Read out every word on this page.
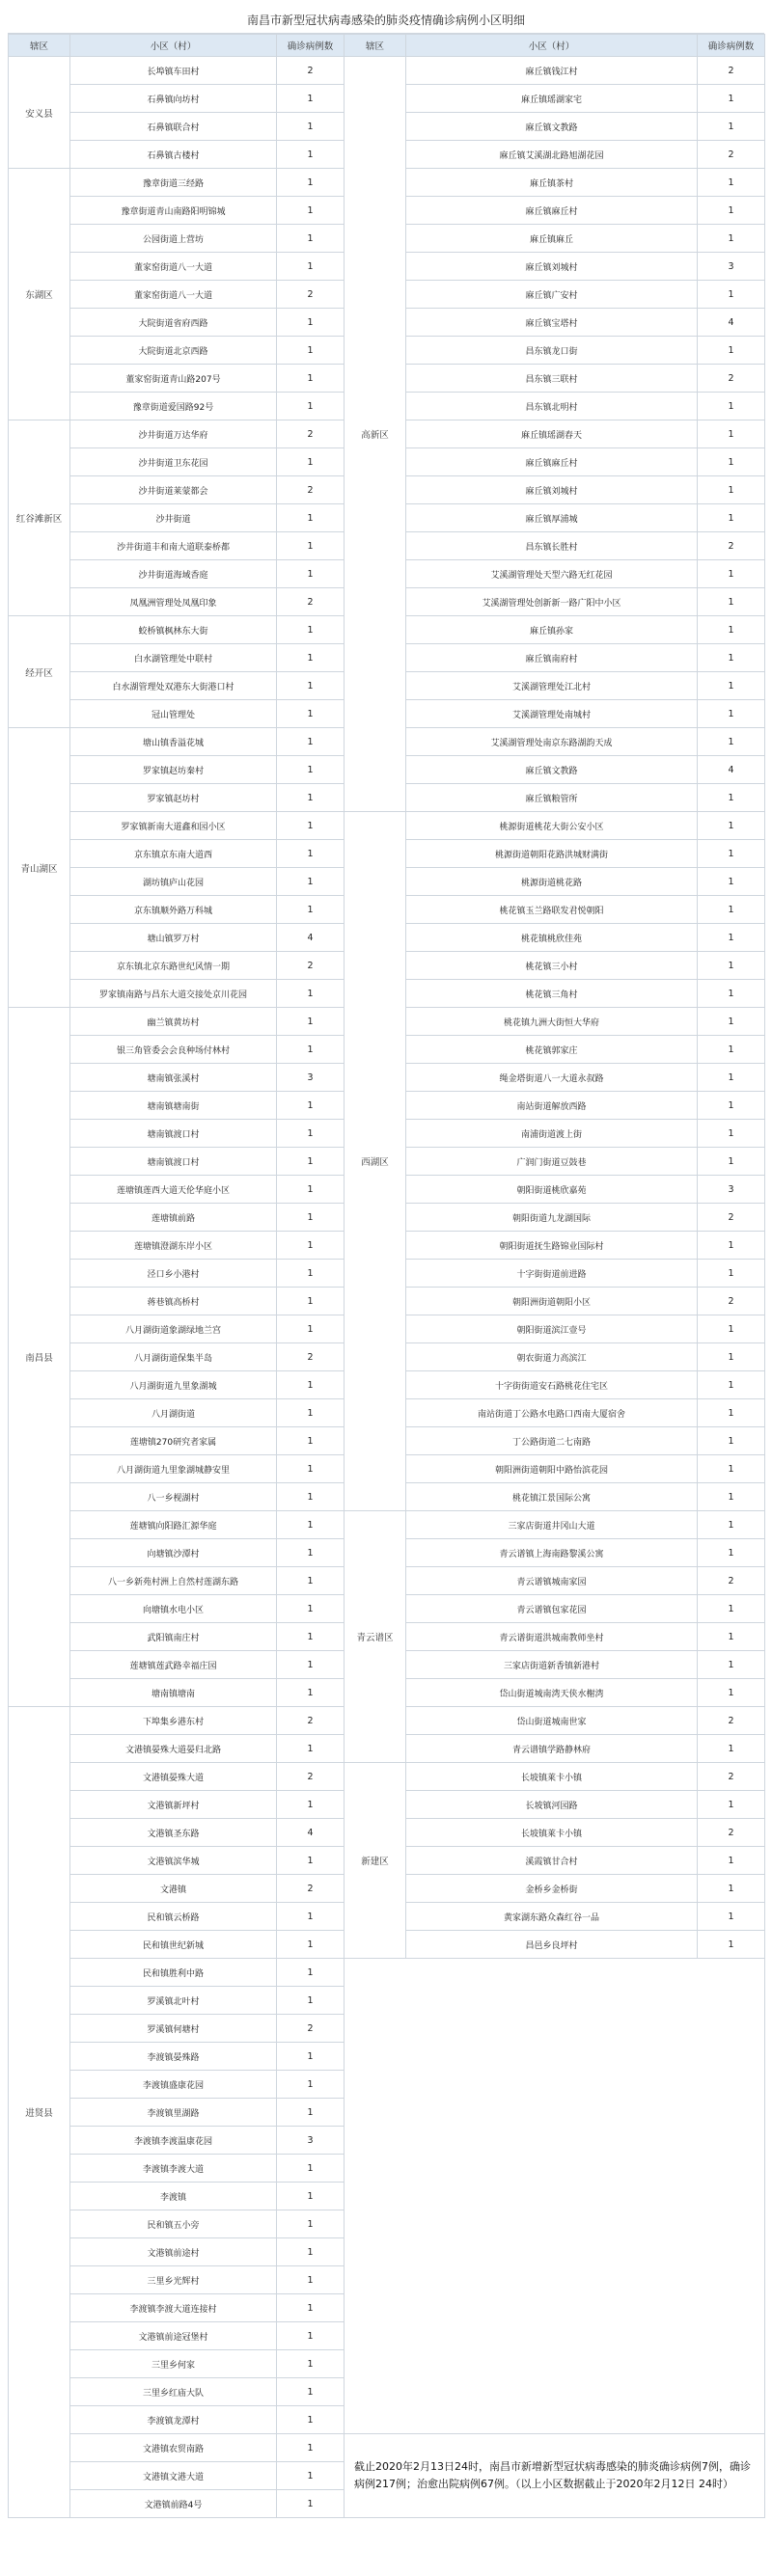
南昌市新型冠状病毒感染的肺炎疫情确诊病例小区明细
辖区	小区（村）	确诊病例数	辖区	小区（村）	确诊病例数
安义县	长埠镇车田村	2	高新区	麻丘镇钱江村	2
	石鼻镇向坊村	1		麻丘镇瑶湖家宅	1
	石鼻镇联合村	1		麻丘镇文教路	1
	石鼻镇古楼村	1		麻丘镇艾溪湖北路旭湖花园	2
东湖区	豫章街道三经路	1		麻丘镇茶村	1
	豫章街道青山南路阳明锦城	1		麻丘镇麻丘村	1
	公园街道上营坊	1		麻丘镇麻丘	1
	董家窑街道八一大道	1		麻丘镇刘城村	3
	董家窑街道八一大道	2		麻丘镇广安村	1
	大院街道省府西路	1		麻丘镇宝塔村	4
	大院街道北京西路	1		昌东镇龙口街	1
	董家窑街道青山路207号	1		昌东镇三联村	2
	豫章街道爱国路92号	1		昌东镇北明村	1
红谷滩新区	沙井街道万达华府	2		麻丘镇瑶湖春天	1
	沙井街道卫东花园	1		麻丘镇麻丘村	1
	沙井街道莱蒙都会	2		麻丘镇刘城村	1
	沙井街道	1		麻丘镇厚浦城	1
	沙井街道丰和南大道联泰桥都	1		昌东镇长胜村	2
	沙井街道海域香庭	1		艾溪湖管理处天型六路无红花园	1
	凤凰洲管理处凤凰印象	2		艾溪湖管理处创新新一路广阳中小区	1
经开区	蛟桥镇枫林东大街	1		麻丘镇孙家	1
	白水湖管理处中联村	1		麻丘镇南府村	1
	白水湖管理处双港东大街港口村	1		艾溪湖管理处江北村	1
	冠山管理处	1		艾溪湖管理处南城村	1
青山湖区	塘山镇香溢花城	1		艾溪湖管理处南京东路湖韵天成	1
	罗家镇赵坊秦村	1		麻丘镇文教路	4
	罗家镇赵坊村	1		麻丘镇粮管所	1
	罗家镇新南大道鑫和园小区	1	西湖区	桃源街道桃花大街公安小区	1
	京东镇京东南大道西	1		桃源街道朝阳花路洪城财满街	1
	湖坊镇庐山花园	1		桃源街道桃花路	1
	京东镇顺外路万科城	1		桃花镇玉兰路联发君悦朝阳	1
	塘山镇罗万村	4		桃花镇桃欣佳苑	1
	京东镇北京东路世纪风情一期	2		桃花镇三小村	1
	罗家镇南路与昌东大道交接处京川花园	1		桃花镇三角村	1
南昌县	幽兰镇黄坊村	1		桃花镇九洲大街恒大华府	1
	银三角管委会会良种场付林村	1		桃花镇郭家庄	1
	塘南镇张溪村	3		绳金塔街道八一大道永叔路	1
	塘南镇塘南街	1		南站街道解放西路	1
	塘南镇渡口村	1		南浦街道渡上街	1
	塘南镇渡口村	1		广润门街道豆鼓巷	1
	莲塘镇莲西大道天伦华庭小区	1		朝阳街道桃欣嘉苑	3
	莲塘镇前路	1		朝阳街道九龙湖国际	2
	莲塘镇澄湖东岸小区	1		朝阳街道抚生路锦业国际村	1
	泾口乡小港村	1		十字街街道前进路	1
	蒋巷镇高桥村	1		朝阳洲街道朝阳小区	2
	八月湖街道象湖绿地兰宫	1		朝阳街道滨江壹号	1
	八月湖街道保集半岛	2		朝农街道力高滨江	1
	八月湖街道九里象湖城	1		十字街街道安石路桃花住宅区	1
	八月湖街道	1		南站街道丁公路水电路口西南大厦宿舍	1
	莲塘镇270研究者家属	1		丁公路街道二七南路	1
	八月湖街道九里象湖城静安里	1		朝阳洲街道朝阳中路怡滨花园	1
	八一乡枧湖村	1		桃花镇江景国际公寓	1
	莲塘镇向阳路汇源华庭	1	青云谱区	三家店街道井冈山大道	1
	向塘镇沙潭村	1		青云谱镇上海南路黎溪公寓	1
	八一乡新苑村洲上自然村莲湖东路	1		青云谱镇城南家园	2
	向塘镇水电小区	1		青云谱镇包家花园	1
	武阳镇南庄村	1		青云谱街道洪城南教师坐村	1
	莲塘镇莲武路幸福庄园	1		三家店街道新香镇新港村	1
	塘南镇塘南	1		岱山街道城南湾天侠水榭湾	1
进贤县	下埠集乡港东村	2		岱山街道城南世家	2
	文港镇晏殊大道晏归北路	1		青云谱镇学路静林府	1
	文港镇晏殊大道	2	新建区	长坡镇莱卡小镇	2
	文港镇新坪村	1		长坡镇河园路	1
	文港镇圣东路	4		长坡镇莱卡小镇	2
	文港镇滨华城	1		溪霞镇甘合村	1
	文港镇	2		金桥乡金桥街	1
	民和镇云桥路	1		黄家湖东路众森红谷一品	1
	民和镇世纪新城	1		昌邑乡良坪村	1
	民和镇胜利中路	1			
	罗溪镇北叶村	1			
	罗溪镇何塘村	2			
	李渡镇晏殊路	1			
	李渡镇盛康花园	1			
	李渡镇里湖路	1			
	李渡镇李渡温康花园	3			
	李渡镇李渡大道	1			
	李渡镇	1			
	民和镇五小旁	1			
	文港镇前途村	1			
	三里乡光辉村	1			
	李渡镇李渡大道连接村	1			
	文港镇前途冠堡村	1			
	三里乡何家	1			
	三里乡红庙大队	1			
	李渡镇龙潭村	1			
	文港镇农贸南路	1	截止2020年2月13日24时，南昌市新增新型冠状病毒感染的肺炎确诊病例7例，确诊病例217例；治愈出院病例67例。（以上小区数据截止于2020年2月12日 24时）		
	文港镇文港大道	1			
	文港镇前路4号	1			
